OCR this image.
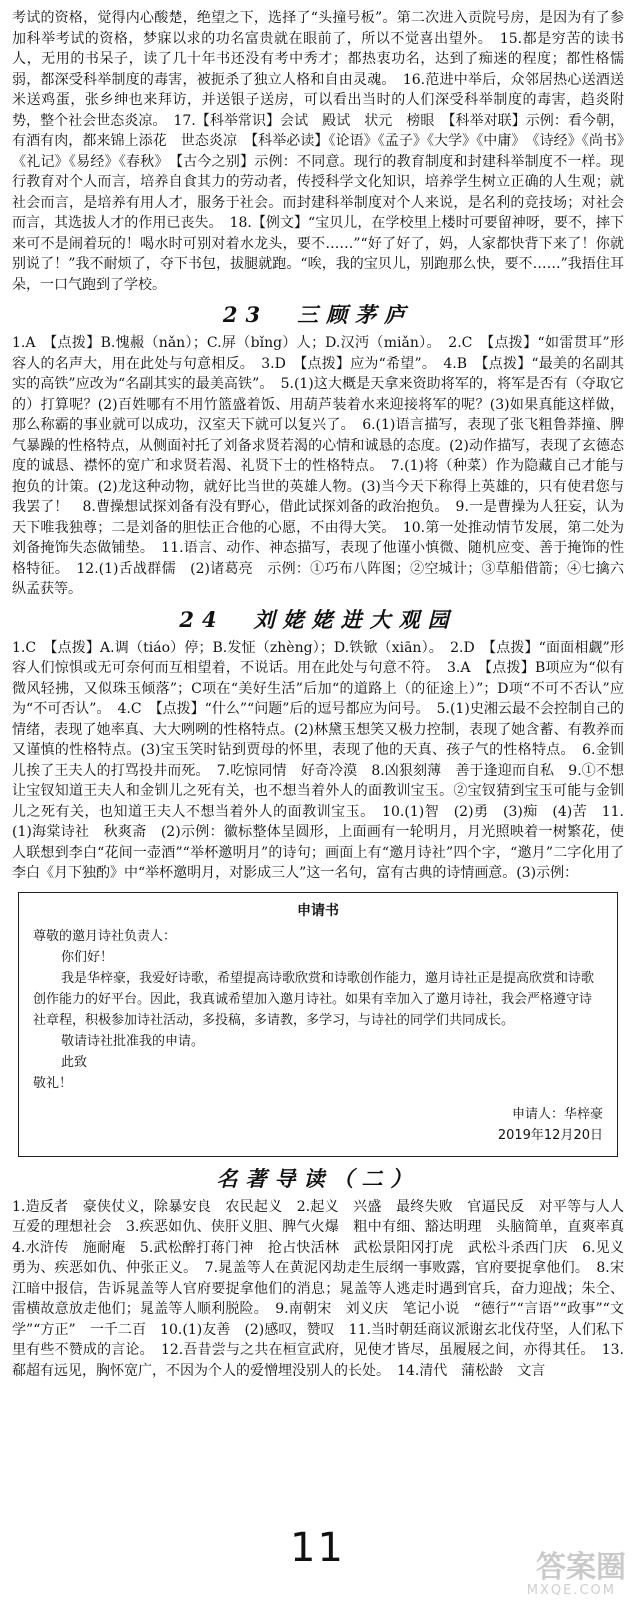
考试的资格，觉得内心酸楚，绝望之下，选择了“头撞号板”。第二次进入贡院号房，是因为有了参加科举考试的资格，梦寐以求的功名富贵就在眼前了，所以不觉喜出望外。　15.都是穷苦的读书人，无用的书呆子，读了几十年书还没有考中秀才；都热衷功名，达到了痴迷的程度；都性格懦弱，都深受科举制度的毒害，被扼杀了独立人格和自由灵魂。　16.范进中举后，众邻居热心送酒送米送鸡蛋，张乡绅也来拜访，并送银子送房，可以看出当时的人们深受科举制度的毒害，趋炎附势，整个社会世态炎凉。　17.【科举常识】会试　殿试　状元　榜眼　【科举对联】示例：看今朝，有酒有肉，都来锦上添花　世态炎凉　【科举必读】《论语》《孟子》《大学》《中庸》　《诗经》《尚书》《礼记》《易经》《春秋》　【古今之别】示例：不同意。现行的教育制度和封建科举制度不一样。现行教育对个人而言，培养自食其力的劳动者，传授科学文化知识，培养学生树立正确的人生观；就社会而言，是培养有用人才，服务于社会。而封建科举制度对个人来说，是名利的竞技场；对社会而言，其选拔人才的作用已丧失。　18.【例文】“宝贝儿，在学校里上楼时可要留神呀，要不，摔下来可不是闹着玩的！喝水时可别对着水龙头，要不……”“好了好了，妈，人家都快背下来了！你就别说了！”我不耐烦了，夺下书包，拔腿就跑。“唉，我的宝贝儿，别跑那么快，要不……”我捂住耳朵，一口气跑到了学校。

23　三顾茅庐

1.A　【点拨】B.愧赧（nǎn）；C.屏（bǐng）人；D.汉沔（miǎn）。　2.C　【点拨】“如雷贯耳”形容人的名声大，用在此处与句意相反。　3.D　【点拨】应为“希望”。　4.B　【点拨】“最美的名副其实的高铁”应改为“名副其实的最美高铁”。　5.(1)这大概是天拿来资助将军的，将军是否有（夺取它的）打算呢？(2)百姓哪有不用竹篮盛着饭、用葫芦装着水来迎接将军的呢？(3)如果真能这样做，那么称霸的事业就可以成功，汉室天下就可以复兴了。　6.(1)语言描写，表现了张飞粗鲁莽撞、脾气暴躁的性格特点，从侧面衬托了刘备求贤若渴的心情和诚恳的态度。(2)动作描写，表现了玄德态度的诚恳、襟怀的宽广和求贤若渴、礼贤下士的性格特点。　7.(1)将（种菜）作为隐藏自己才能与抱负的计策。(2)龙这种动物，就好比当世的英雄人物。(3)当今天下称得上英雄的，只有使君您与我罢了！　8.曹操想试探刘备有没有野心，借此试探刘备的政治抱负。　9.一是曹操为人狂妄，认为天下唯我独尊；二是刘备的胆怯正合他的心愿，不由得大笑。　10.第一处推动情节发展，第二处为刘备掩饰失态做铺垫。　11.语言、动作、神态描写，表现了他谨小慎微、随机应变、善于掩饰的性格特征。　12.(1)舌战群儒　(2)诸葛亮　示例：①巧布八阵图；②空城计；③草船借箭；④七擒六纵孟获等。

24　刘姥姥进大观园

1.C　【点拨】A.调（tiáo）停；B.发怔（zhèng）；D.铁锨（xiān）。　2.D　【点拨】“面面相觑”形容人们惊惧或无可奈何而互相望着，不说话。用在此处与句意不符。　3.A　【点拨】B项应为“似有微风轻拂，又似珠玉倾落”；C项在“美好生活”后加“的道路上（的征途上）”；D项“不可不否认”应为“不可否认”。　4.C　【点拨】“什么”“问题”后的逗号都应为问号。　5.(1)史湘云最不会控制自己的情绪，表现了她率真、大大咧咧的性格特点。(2)林黛玉想笑又极力控制，表现了她含蓄、有教养而又谨慎的性格特点。(3)宝玉笑时钻到贾母的怀里，表现了他的天真、孩子气的性格特点。　6.金钏儿挨了王夫人的打骂投井而死。　7.吃惊同情　好奇冷漠　8.凶狠刻薄　善于逢迎而自私　9.①不想让宝钗知道王夫人和金钏儿之死有关，也不想当着外人的面教训宝玉。②宝钗猜到宝玉可能与金钏儿之死有关，也知道王夫人不想当着外人的面教训宝玉。　10.(1)智　(2)勇　(3)痴　(4)苦　11.(1)海棠诗社　秋爽斋　(2)示例：徽标整体呈圆形，上面画有一轮明月，月光照映着一树繁花，使人联想到李白“花间一壶酒”“举杯邀明月”的诗句；画面上有“邀月诗社”四个字，“邀月”二字化用了李白《月下独酌》中“举杯邀明月，对影成三人”这一名句，富有古典的诗情画意。(3)示例：

申请书

尊敬的邀月诗社负责人：

你们好！

我是华梓豪，我爱好诗歌，希望提高诗歌欣赏和诗歌创作能力，邀月诗社正是提高欣赏和诗歌创作能力的好平台。因此，我真诚希望加入邀月诗社。如果有幸加入了邀月诗社，我会严格遵守诗社章程，积极参加诗社活动，多投稿，多请教，多学习，与诗社的同学们共同成长。

敬请诗社批准我的申请。

此致

敬礼！

申请人：华梓豪

2019年12月20日

名著导读（二）

1.造反者　豪侠仗义，除暴安良　农民起义　2.起义　兴盛　最终失败　官逼民反　对平等与人人互爱的理想社会　3.疾恶如仇、侠肝义胆、脾气火爆　粗中有细、豁达明理　头脑简单，直爽率真　4.水浒传　施耐庵　5.武松醉打蒋门神　抢占快活林　武松景阳冈打虎　武松斗杀西门庆　6.见义勇为、疾恶如仇、仲张正义。　7.晁盖等人在黄泥冈劫走生辰纲一事败露，官府要捉拿他们。　8.宋江暗中报信，告诉晁盖等人官府要捉拿他们的消息；晁盖等人逃走时遇到官兵，奋力迎战；朱仝、雷横故意放走他们；晁盖等人顺利脱险。　9.南朝宋　刘义庆　笔记小说　“德行”“言语”“政事”“文学”“方正”　一千二百　10.(1)友善　(2)感叹，赞叹　11.当时朝廷商议派谢玄北伐苻坚，人们私下里有些不赞成的言论。　12.吾昔尝与之共在桓宣武府，见使才皆尽，虽履屐之间，亦得其任。　13.郗超有远见，胸怀宽广，不因为个人的爱憎埋没别人的长处。　14.清代　蒲松龄　文言

11	答案圈
MXQE.COM
